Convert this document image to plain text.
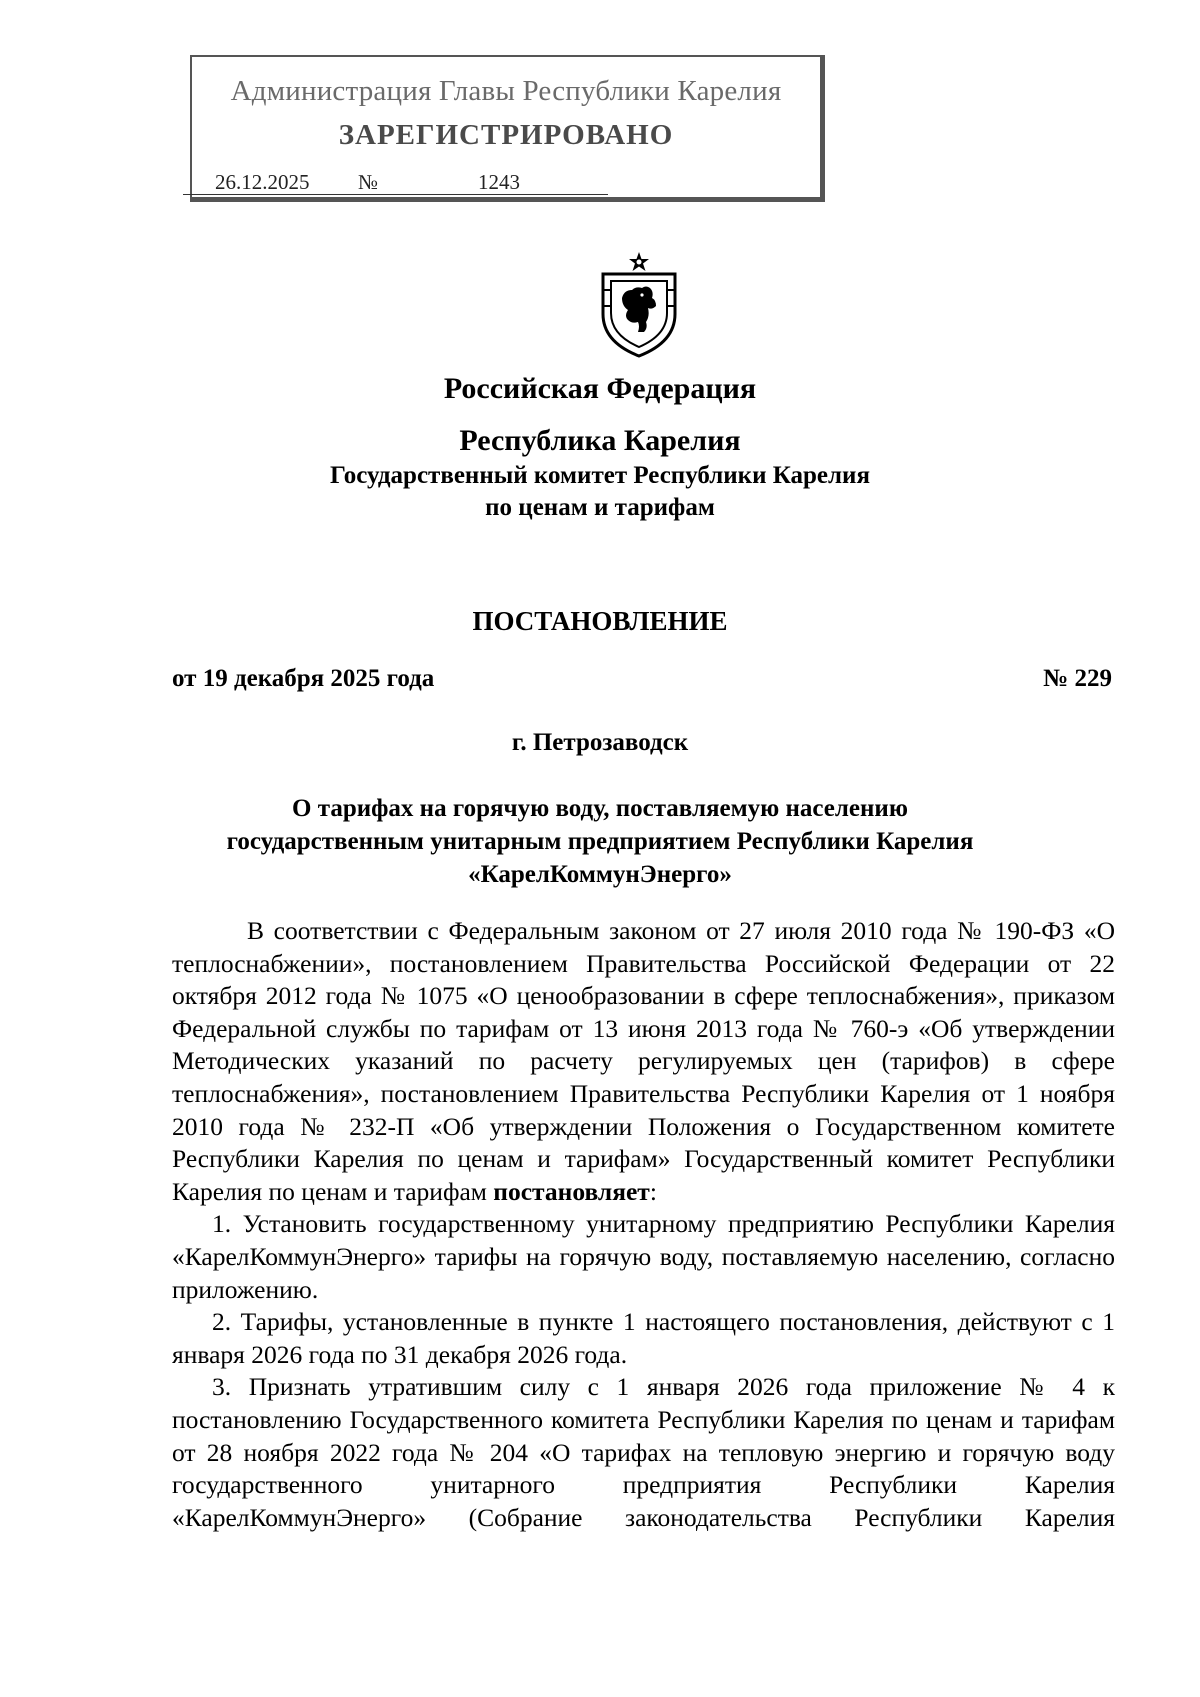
Администрация Главы Республики Карелия
ЗАРЕГИСТРИРОВАНО
26.12.2025 №	1243
Российская Федерация
Республика Карелия
Государственный комитет Республики Карелия
по ценам и тарифам
ПОСТАНОВЛЕНИЕ
от 19 декабря 2025 года	№ 229
г. Петрозаводск
О тарифах на горячую воду, поставляемую населению
государственным унитарным предприятием Республики Карелия
«КарелКоммунЭнерго»

В соответствии с Федеральным законом от 27 июля 2010 года № 190-ФЗ «О теплоснабжении», постановлением Правительства Российской Федерации от 22 октября 2012 года № 1075 «О ценообразовании в сфере теплоснабжения», приказом Федеральной службы по тарифам от 13 июня 2013 года № 760-э «Об утверждении Методических указаний по расчету регулируемых цен (тарифов) в сфере теплоснабжения», постановлением Правительства Республики Карелия от 1 ноября 2010 года № 232-П «Об утверждении Положения о Государственном комитете Республики Карелия по ценам и тарифам» Государственный комитет Республики Карелия по ценам и тарифам постановляет:

1. Установить государственному унитарному предприятию Республики Карелия «КарелКоммунЭнерго» тарифы на горячую воду, поставляемую населению, согласно приложению.

2. Тарифы, установленные в пункте 1 настоящего постановления, действуют с 1 января 2026 года по 31 декабря 2026 года.

3. Признать утратившим силу с 1 января 2026 года приложение № 4 к постановлению Государственного комитета Республики Карелия по ценам и тарифам от 28 ноября 2022 года № 204 «О тарифах на тепловую энергию и горячую воду государственного унитарного предприятия Республики Карелия «КарелКоммунЭнерго» (Собрание законодательства Республики Карелия
